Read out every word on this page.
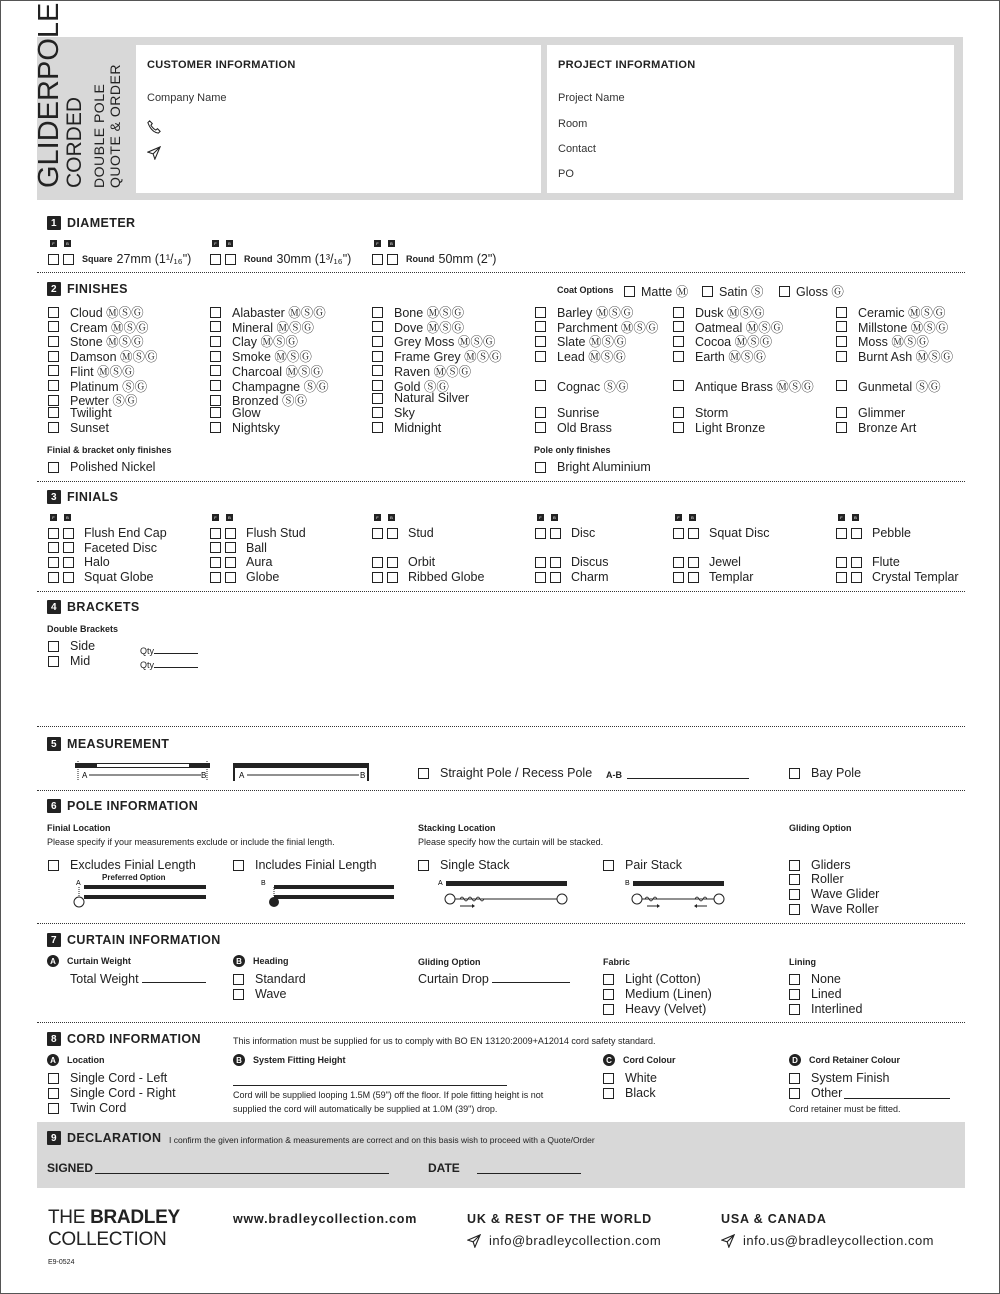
GLIDERPOLE
CORDED DOUBLE POLE QUOTE & ORDER CUSTOMER INFORMATION
Company Name
PROJECT INFORMATION
Project Name
Room
Contact
PO
1 DIAMETER
F	B	F	B	F	B
Square 27mm (1¹/₁₆")	Round 30mm (1³/₁₆")	Round 50mm (2")
2 FINISHES	Coat Options Matte Ⓜ Satin Ⓢ	Gloss Ⓖ
Cloud ⓂⓈⒼ
Cream ⓂⓈⒼ
Stone ⓂⓈⒼ
Damson ⓂⓈⒼ
Flint ⓂⓈⒼ
Platinum ⓈⒼ
Pewter ⓈⒼ
Twilight
Sunset
Alabaster ⓂⓈⒼ
Mineral ⓂⓈⒼ
Clay ⓂⓈⒼ
Smoke ⓂⓈⒼ
Charcoal ⓂⓈⒼ
Champagne ⓈⒼ
Bronzed ⓈⒼ
Glow
Nightsky
Bone ⓂⓈⒼ
Dove ⓂⓈⒼ
Grey Moss ⓂⓈⒼ
Frame Grey ⓂⓈⒼ
Raven ⓂⓈⒼ
Gold ⓈⒼ
Natural Silver
Sky
Midnight
Barley ⓂⓈⒼ
Parchment ⓂⓈⒼ
Slate ⓂⓈⒼ
Lead ⓂⓈⒼ
Cognac ⓈⒼ
Sunrise
Old Brass
Dusk ⓂⓈⒼ
Oatmeal ⓂⓈⒼ
Cocoa ⓂⓈⒼ
Earth ⓂⓈⒼ
Antique Brass ⓂⓈⒼ
Storm
Light Bronze
Ceramic ⓂⓈⒼ
Millstone ⓂⓈⒼ
Moss ⓂⓈⒼ
Burnt Ash ⓂⓈⒼ
Gunmetal ⓈⒼ
Glimmer
Bronze Art
Finial & bracket only finishes
Polished Nickel
Pole only finishes
Bright Aluminium
3 FINIALS
F	B
Flush End Cap
Faceted Disc
Halo
Squat Globe
F	B
Flush Stud
Ball
Aura
Globe
F	B
Stud
Orbit
Ribbed Globe
F	B
Disc
Discus
Charm
F	B
Squat Disc
Jewel
Templar
F	B
Pebble
Flute
Crystal Templar
4 BRACKETS
Double Brackets
Side
Mid
Qty
Qty
5 MEASUREMENT
A	B	A	B	Straight Pole / Recess Pole A-B	Bay Pole
6 POLE INFORMATION
Finial Location
Please specify if your measurements exclude or include the finial length.
Stacking Location
Please specify how the curtain will be stacked.
Gliding Option
Excludes Finial Length	Includes Finial Length
Preferred Option
A	B
Single Stack	Pair Stack
A	B
Gliders
Roller
Wave Glider
Wave Roller
7 CURTAIN INFORMATION
A	Curtain Weight
Total Weight
B	Heading
Standard
Wave
Gliding Option
Curtain Drop
Fabric
Light (Cotton)
Medium (Linen)
Heavy (Velvet)
Lining
None
Lined
Interlined
8 CORD INFORMATION	This information must be supplied for us to comply with BO EN 13120:2009+A12014 cord safety standard.
A	Location
Single Cord - Left
Single Cord - Right
Twin Cord
B	System Fitting Height
Cord will be supplied looping 1.5M (59") off the floor. If pole fitting height is not
supplied the cord will automatically be supplied at 1.0M (39") drop.
C	Cord Colour
White
Black
D	Cord Retainer Colour
System Finish
Other
Cord retainer must be fitted.
9 DECLARATION I confirm the given information & measurements are correct and on this basis wish to proceed with a Quote/Order
SIGNED	DATE
THE BRADLEY
COLLECTION
E9-0524
www.bradleycollection.com	UK & REST OF THE WORLD
info@bradleycollection.com
USA & CANADA
info.us@bradleycollection.com
